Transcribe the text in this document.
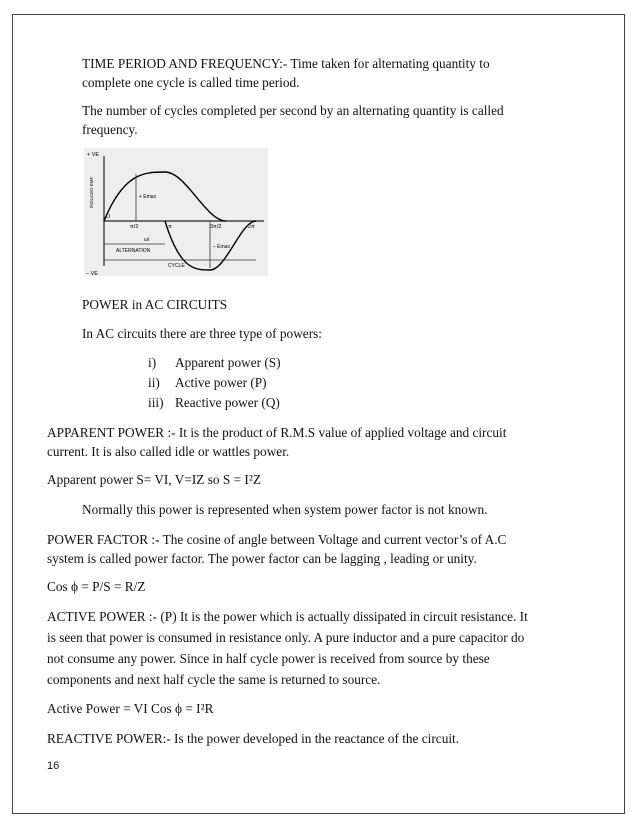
TIME PERIOD AND FREQUENCY:- Time taken for alternating quantity to
complete one cycle is called time period.
The number of cycles completed per second by an alternating quantity is called
frequency.
+ VE
– VE
INDUCED EMF
O
π/2	π	3π/2	2π
+ Emax
– Emax
ωt
ALTERNATION
CYCLE
POWER in AC CIRCUITS
In AC circuits there are three type of powers:
i) Apparent power (S)
ii) Active power (P)
iii) Reactive power (Q)
APPARENT POWER :- It is the product of R.M.S value of applied voltage and circuit
current. It is also called idle or wattles power.
Apparent power S= VI, V=IZ so S = I²Z
Normally this power is represented when system power factor is not known.
POWER FACTOR :- The cosine of angle between Voltage and current vector’s of A.C
system is called power factor. The power factor can be lagging , leading or unity.
Cos ϕ = P/S = R/Z
ACTIVE POWER :- (P) It is the power which is actually dissipated in circuit resistance. It
is seen that power is consumed in resistance only. A pure inductor and a pure capacitor do
not consume any power. Since in half cycle power is received from source by these
components and next half cycle the same is returned to source.
Active Power = VI Cos ϕ = I²R
REACTIVE POWER:- Is the power developed in the reactance of the circuit.
16
